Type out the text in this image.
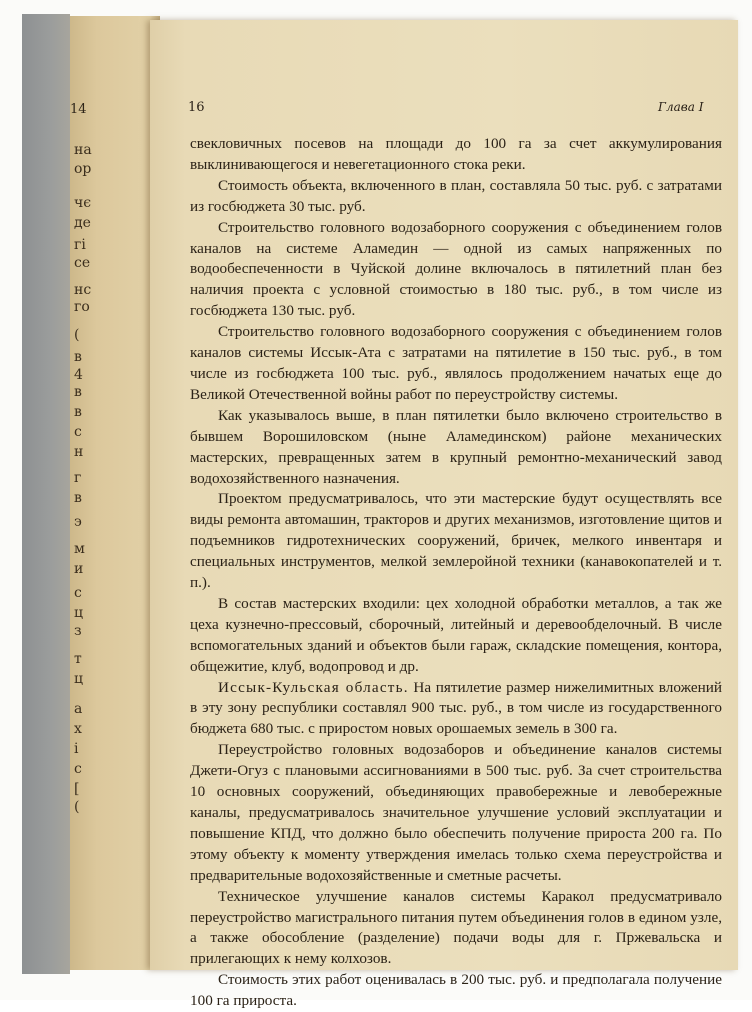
14
на
ор
чє
де
гі
се
нс
го
(
в
4
в
в
с
н
г
в
э
м
и
с
ц
з
т
ц
а
х
і
с
[
(
16	Глава I

свекловичных посевов на площади до 100 га за счет аккумулирования выклинивающегося и невегетационного стока реки.

Стоимость объекта, включенного в план, составляла 50 тыс. руб. с затратами из госбюджета 30 тыс. руб.

Строительство головного водозаборного сооружения с объединением голов каналов на системе Аламедин — одной из самых напряженных по водообеспеченности в Чуйской долине включалось в пятилетний план без наличия проекта с условной стоимостью в 180 тыс. руб., в том числе из госбюджета 130 тыс. руб.

Строительство головного водозаборного сооружения с объединением голов каналов системы Иссык-Ата с затратами на пятилетие в 150 тыс. руб., в том числе из госбюджета 100 тыс. руб., являлось продолжением начатых еще до Великой Отечественной войны работ по переустройству системы.

Как указывалось выше, в план пятилетки было включено строительство в бывшем Ворошиловском (ныне Аламединском) районе механических мастерских, превращенных затем в крупный ремонтно-механический завод водохозяйственного назначения.

Проектом предусматривалось, что эти мастерские будут осуществлять все виды ремонта автомашин, тракторов и других механизмов, изготовление щитов и подъемников гидротехнических сооружений, бричек, мелкого инвентаря и специальных инструментов, мелкой землеройной техники (канавокопателей и т. п.).

В состав мастерских входили: цех холодной обработки металлов, а так же цеха кузнечно-прессовый, сборочный, литейный и деревообделочный. В числе вспомогательных зданий и объектов были гараж, складские помещения, контора, общежитие, клуб, водопровод и др.

Иссык-Кульская область. На пятилетие размер нижелимитных вложений в эту зону республики составлял 900 тыс. руб., в том числе из государственного бюджета 680 тыс. с приростом новых орошаемых земель в 300 га.

Переустройство головных водозаборов и объединение каналов системы Джети-Огуз с плановыми ассигнованиями в 500 тыс. руб. За счет строительства 10 основных сооружений, объединяющих правобережные и левобережные каналы, предусматривалось значительное улучшение условий эксплуатации и повышение КПД, что должно было обеспечить получение прироста 200 га. По этому объекту к моменту утверждения имелась только схема переустройства и предварительные водохозяйственные и сметные расчеты.

Техническое улучшение каналов системы Каракол предусматривало переустройство магистрального питания путем объединения голов в едином узле, а также обособление (разделение) подачи воды для г. Пржевальска и прилегающих к нему колхозов.

Стоимость этих работ оценивалась в 200 тыс. руб. и предполагала получение 100 га прироста.
